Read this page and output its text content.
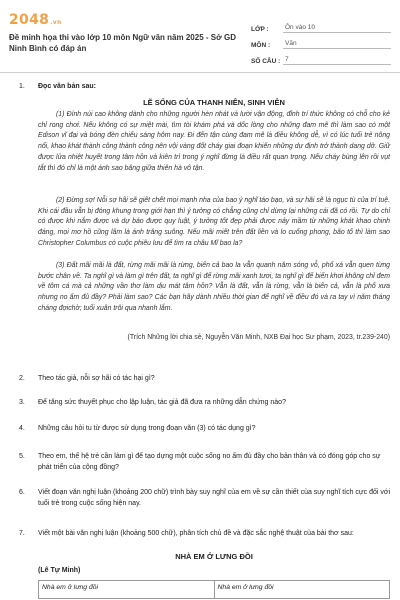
2048.vn
Đề minh họa thi vào lớp 10 môn Ngữ văn năm 2025 - Sở GD Ninh Bình có đáp án
LỚP :	Ôn vào 10
MÔN :	Văn
SỐ CÂU : 7
1. Đọc văn bản sau:
LẼ SỐNG CỦA THANH NIÊN, SINH VIÊN
(1) Đính núi cao không dành cho những người hèn nhát và lười vận động, đỉnh trí thức không có chỗ cho kẻ chỉ rong chơi. Nếu không có sự miệt mài, tìm tòi khám phá và dốc lòng cho những đam mê thì làm sao có một Edison vĩ đại và bóng đèn chiếu sáng hôm nay. Đi đến tận cùng đam mê là điều không dễ, vì có lúc tuổi trẻ nông nổi, khao khát thành công thành công nên vội vàng đốt cháy giai đoạn khiến những dự định trở thành dang dở. Giữ được lửa nhiệt huyết trong tâm hồn và kiên trì trong ý nghĩ đừng là điều rất quan trọng. Nếu cháy bùng lên rồi vụt tắt thì đó chỉ là một ánh sao băng giữa thiên hà vô tận.
(2) Đừng sợ! Nỗi sợ hãi sẽ giết chết mọi mạnh nha của bao ý nghĩ táo bạo, và sự hãi sẽ là ngục tù của trí tuệ. Khi cái đầu vẫn bị đóng khung trong giới hạn thì ý tưởng có chẳng cũng chỉ dừng lại những cái đã có rồi. Tự do chỉ có được khi nắm được và dự báo được quy luật, ý tưởng tốt đẹp phải được nảy mầm từ những khát khao chinh đáng, mọi mơ hồ cũng lâm là ánh trăng suông. Nếu mãi miết trên đất liền và lo cuống phong, bão tố thì làm sao Christopher Columbus có cuộc phiêu lưu để tìm ra châu Mĩ bao la?
(3) Đất mãi mãi là đất, rừng mãi mãi là rừng, biển cả bao la vẫn quanh năm sóng vỗ, phố xá vẫn quen từng bước chân về. Ta nghĩ gì và làm gì trên đất, ta nghĩ gì để rừng mãi xanh tươi, ta nghĩ gì để biển khơi không chỉ đem về tôm cá mà cả những vần thơ làm dịu mát tâm hồn? Vẫn là đất, vẫn là rừng, vẫn là biển cả, vẫn là phố xưa nhưng no ấm đủ đầy? Phải làm sao? Các bạn hãy dành nhiều thời gian để nghĩ về điều đó và ra tay vì năm tháng cháng đợichờ; tuổi xuân trôi qua nhanh lắm.
(Trích Những lời chia sẻ, Nguyễn Văn Minh, NXB Đại học Sư phạm, 2023, tr.239-240)
2. Theo tác giả, nỗi sợ hãi có tác hại gì?
3. Để tăng sức thuyết phục cho lập luận, tác giả đã đưa ra những dẫn chứng nào?
4. Những câu hỏi tu từ được sử dụng trong đoạn văn (3) có tác dụng gì?
5. Theo em, thế hệ trẻ cần làm gì để tạo dựng một cuộc sống no ấm đủ đầy cho bản thân và có đóng góp cho sự phát triển của cộng đồng?
6. Viết đoạn văn nghị luận (khoảng 200 chữ) trình bày suy nghĩ của em về sự cần thiết của suy nghĩ tích cực đối với tuổi trẻ trong cuộc sống hiện nay.
7. Viết một bài văn nghị luận (khoảng 500 chữ), phân tích chủ đề và đặc sắc nghệ thuật của bài thơ sau:
NHÀ EM Ở LƯNG ĐỒI
(Lê Tự Minh)
Nhà em ở lưng đồi	Nhà em ở lưng đồi
